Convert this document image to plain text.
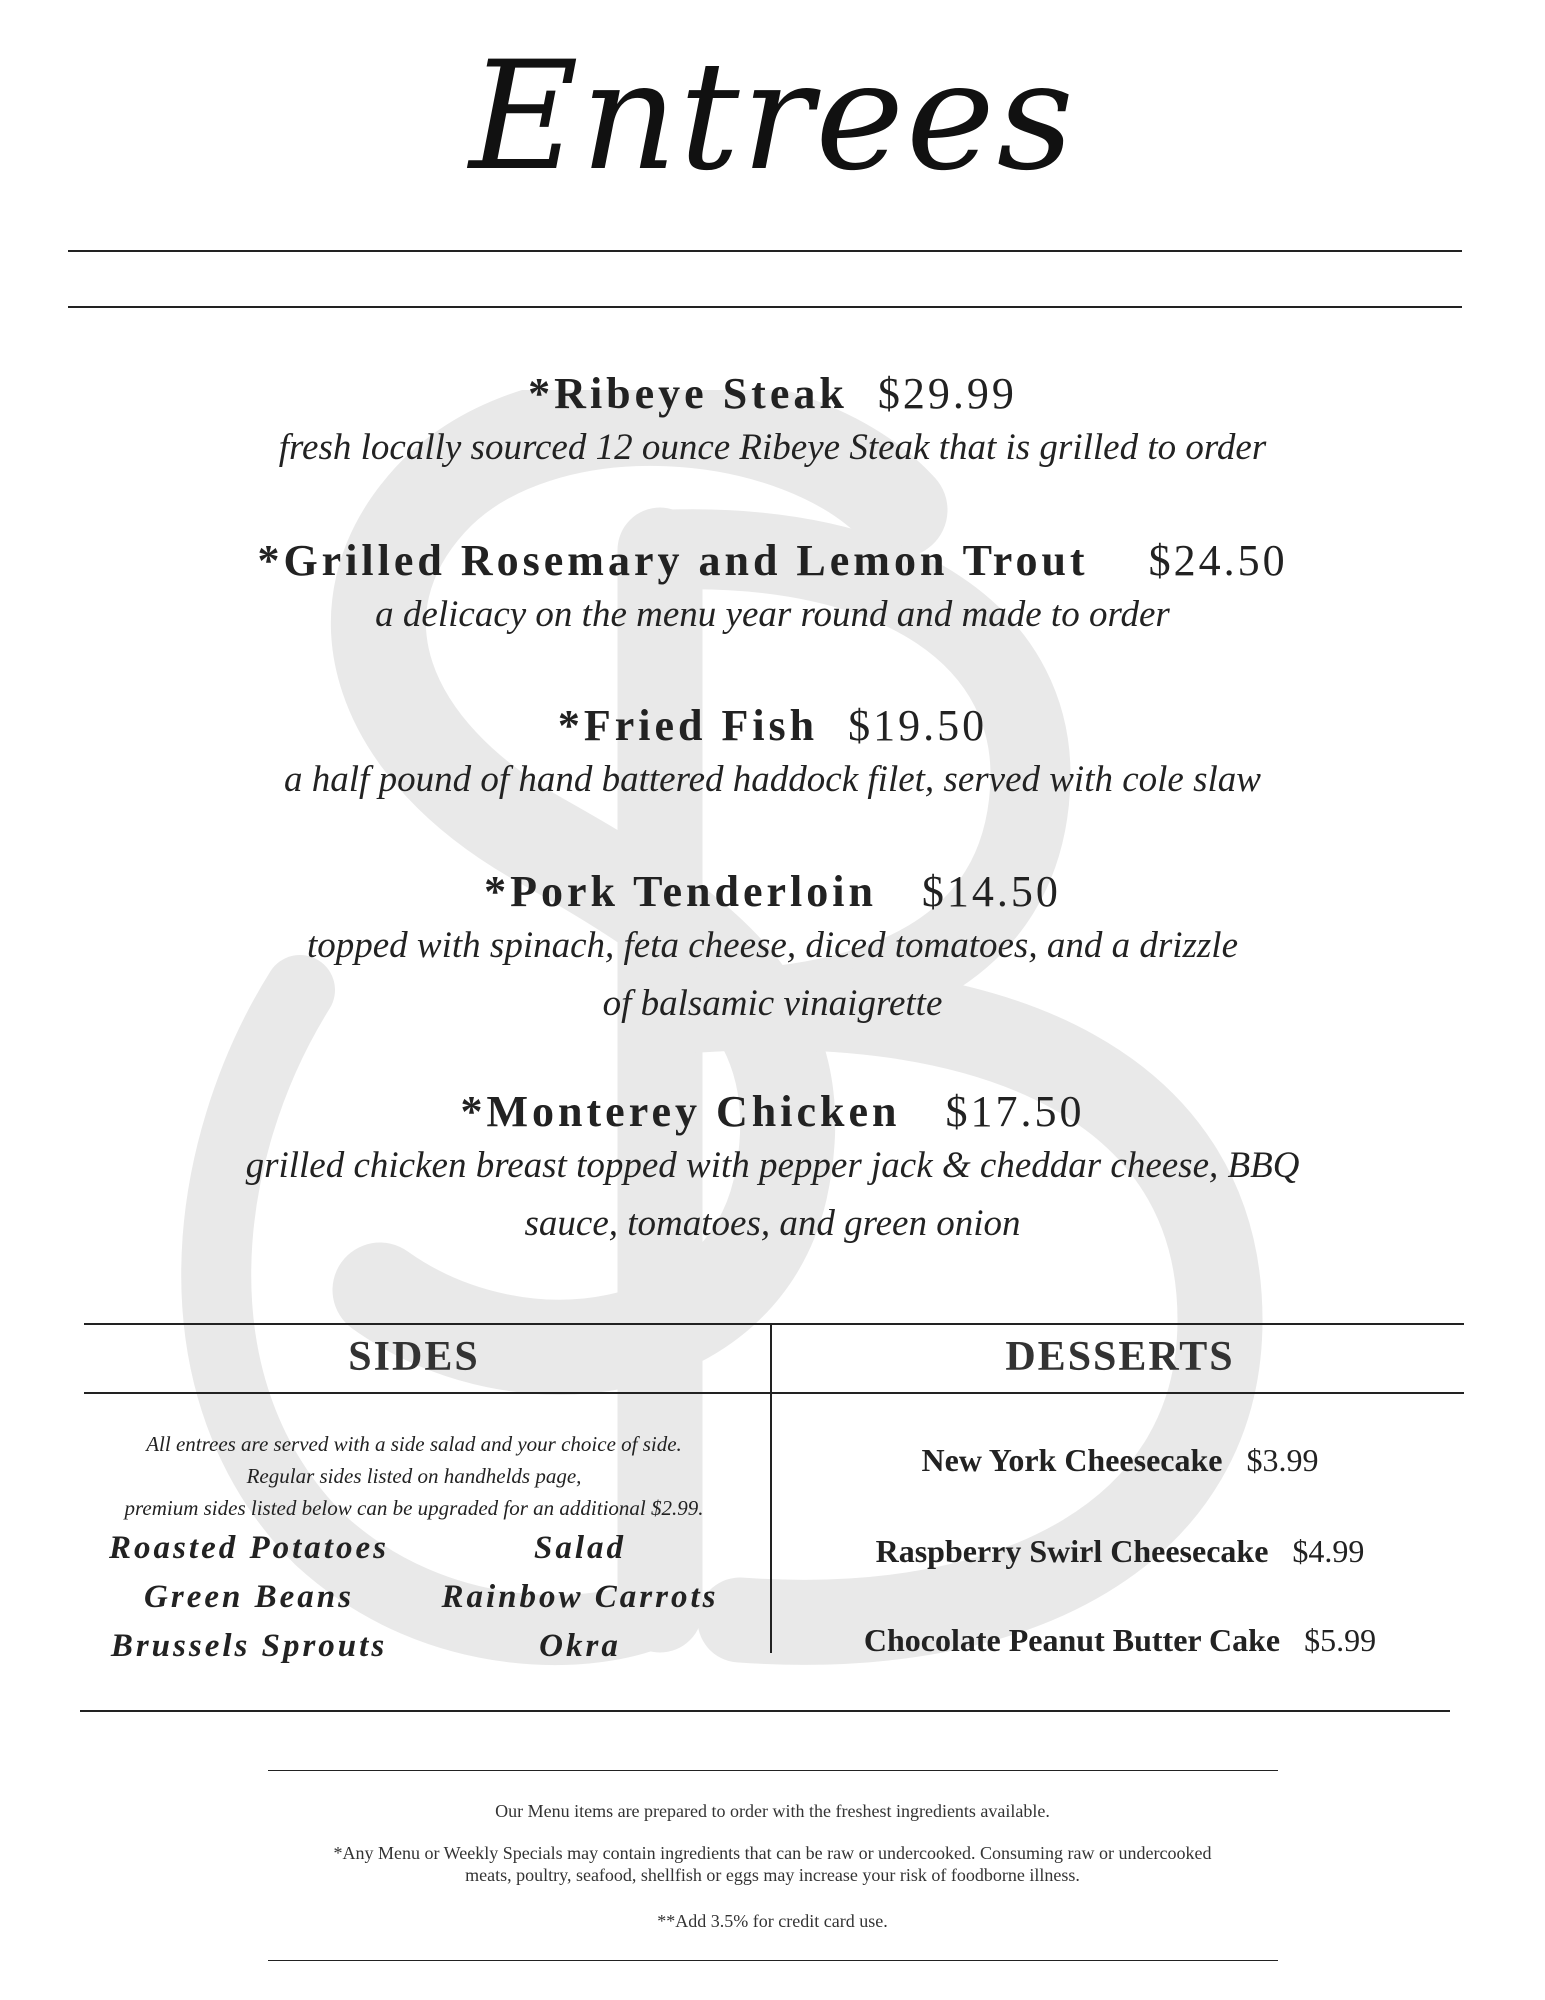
Entrees
*Ribeye Steak $29.99
fresh locally sourced 12 ounce Ribeye Steak that is grilled to order
*Grilled Rosemary and Lemon Trout $24.50
a delicacy on the menu year round and made to order
*Fried Fish $19.50
a half pound of hand battered haddock filet, served with cole slaw
*Pork Tenderloin $14.50
topped with spinach, feta cheese, diced tomatoes, and a drizzle
of balsamic vinaigrette
*Monterey Chicken $17.50
grilled chicken breast topped with pepper jack & cheddar cheese, BBQ
sauce, tomatoes, and green onion
SIDES
All entrees are served with a side salad and your choice of side.
Regular sides listed on handhelds page,
premium sides listed below can be upgraded for an additional $2.99.
Roasted Potatoes
Green Beans
Brussels Sprouts
Salad
Rainbow Carrots
Okra
DESSERTS
New York Cheesecake $3.99
Raspberry Swirl Cheesecake $4.99
Chocolate Peanut Butter Cake $5.99
Our Menu items are prepared to order with the freshest ingredients available.
*Any Menu or Weekly Specials may contain ingredients that can be raw or undercooked. Consuming raw or undercooked
meats, poultry, seafood, shellfish or eggs may increase your risk of foodborne illness.
**Add 3.5% for credit card use.
